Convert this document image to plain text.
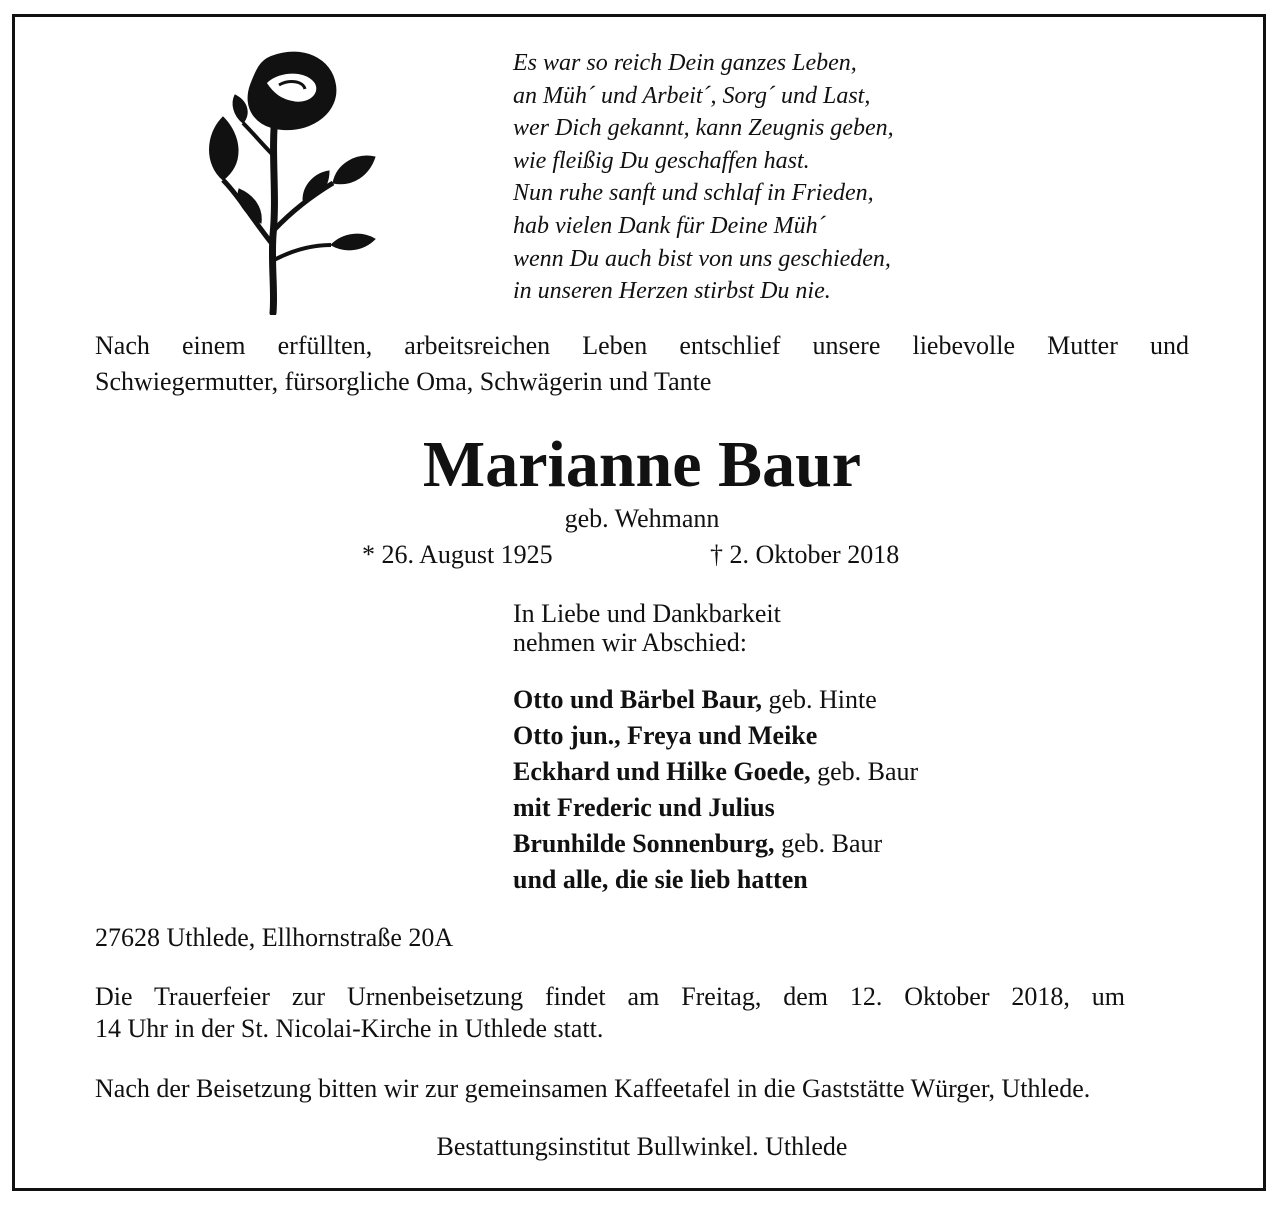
Es war so reich Dein ganzes Leben,
an Müh´ und Arbeit´, Sorg´ und Last,
wer Dich gekannt, kann Zeugnis geben,
wie fleißig Du geschaffen hast.
Nun ruhe sanft und schlaf in Frieden,
hab vielen Dank für Deine Müh´
wenn Du auch bist von uns geschieden,
in unseren Herzen stirbst Du nie.
Nach einem erfüllten, arbeitsreichen Leben entschlief unsere liebevolle Mutter und
Schwiegermutter, fürsorgliche Oma, Schwägerin und Tante
Marianne Baur
geb. Wehmann
* 26. August 1925	† 2. Oktober 2018
In Liebe und Dankbarkeit
nehmen wir Abschied:
Otto und Bärbel Baur, geb. Hinte
Otto jun., Freya und Meike
Eckhard und Hilke Goede, geb. Baur
mit Frederic und Julius
Brunhilde Sonnenburg, geb. Baur
und alle, die sie lieb hatten
27628 Uthlede, Ellhornstraße 20A
Die Trauerfeier zur Urnenbeisetzung findet am Freitag, dem 12. Oktober 2018, um
14 Uhr in der St. Nicolai-Kirche in Uthlede statt.
Nach der Beisetzung bitten wir zur gemeinsamen Kaffeetafel in die Gaststätte Würger, Uthlede.
Bestattungsinstitut Bullwinkel. Uthlede
